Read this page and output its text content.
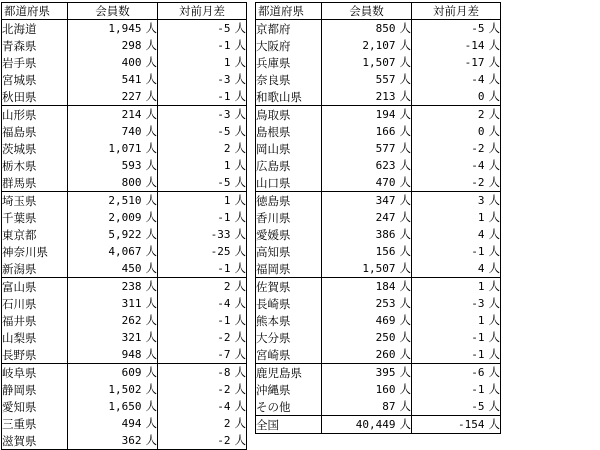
都道府県	会員数	対前月差
北海道	1,945 人	-5 人
青森県	298 人	-1 人
岩手県	400 人	1 人
宮城県	541 人	-3 人
秋田県	227 人	-1 人
山形県	214 人	-3 人
福島県	740 人	-5 人
茨城県	1,071 人	2 人
栃木県	593 人	1 人
群馬県	800 人	-5 人
埼玉県	2,510 人	1 人
千葉県	2,009 人	-1 人
東京都	5,922 人	-33 人
神奈川県	4,067 人	-25 人
新潟県	450 人	-1 人
富山県	238 人	2 人
石川県	311 人	-4 人
福井県	262 人	-1 人
山梨県	321 人	-2 人
長野県	948 人	-7 人
岐阜県	609 人	-8 人
静岡県	1,502 人	-2 人
愛知県	1,650 人	-4 人
三重県	494 人	2 人
滋賀県	362 人	-2 人
都道府県	会員数	対前月差
京都府	850 人	-5 人
大阪府	2,107 人	-14 人
兵庫県	1,507 人	-17 人
奈良県	557 人	-4 人
和歌山県	213 人	0 人
鳥取県	194 人	2 人
島根県	166 人	0 人
岡山県	577 人	-2 人
広島県	623 人	-4 人
山口県	470 人	-2 人
徳島県	347 人	3 人
香川県	247 人	1 人
愛媛県	386 人	4 人
高知県	156 人	-1 人
福岡県	1,507 人	4 人
佐賀県	184 人	1 人
長崎県	253 人	-3 人
熊本県	469 人	1 人
大分県	250 人	-1 人
宮崎県	260 人	-1 人
鹿児島県	395 人	-6 人
沖縄県	160 人	-1 人
その他	87 人	-5 人
全国	40,449 人	-154 人
